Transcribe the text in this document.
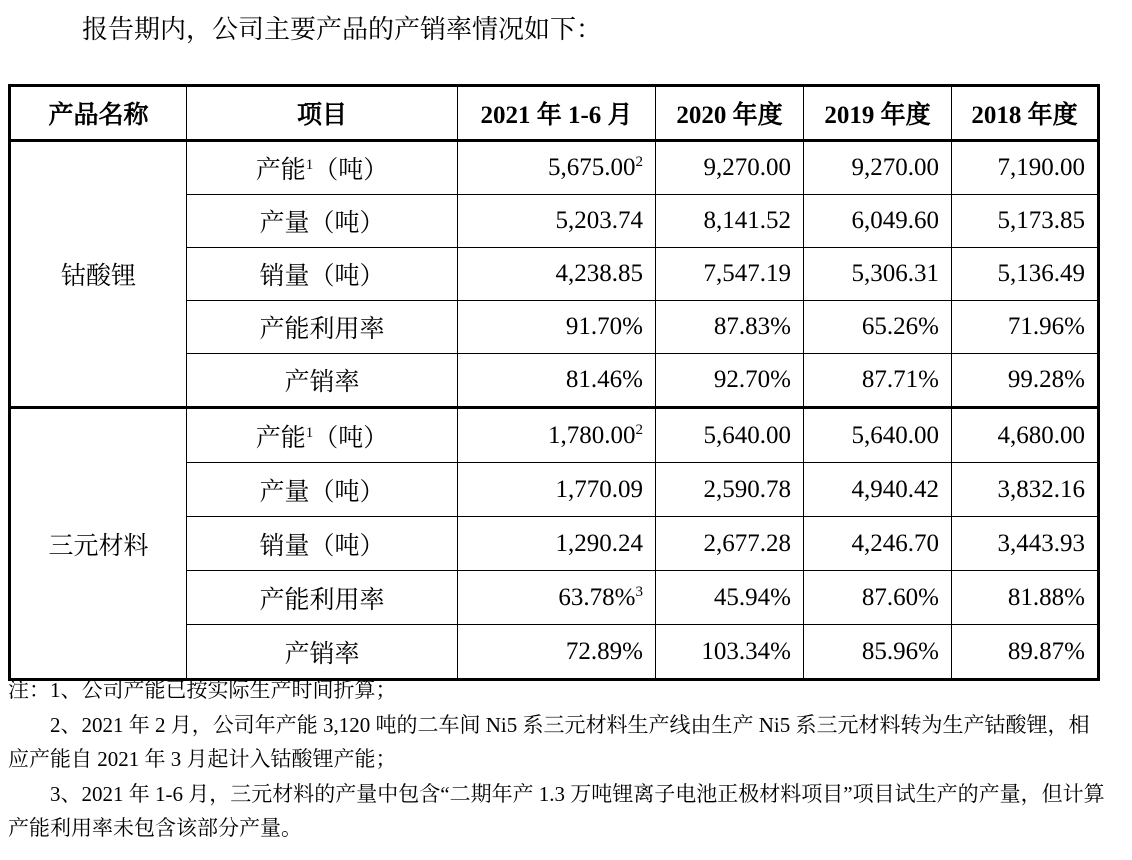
报告期内，公司主要产品的产销率情况如下：
产品名称	项目	2021 年 1-6 月	2020 年度	2019 年度	2018 年度
钴酸锂	产能$^1$（吨）	5,675.00$^2$	9,270.00	9,270.00	7,190.00
	产量（吨）	5,203.74	8,141.52	6,049.60	5,173.85
	销量（吨）	4,238.85	7,547.19	5,306.31	5,136.49
	产能利用率	91.70%	87.83%	65.26%	71.96%
	产销率	81.46%	92.70%	87.71%	99.28%
三元材料	产能$^1$（吨）	1,780.00$^2$	5,640.00	5,640.00	4,680.00
	产量（吨）	1,770.09	2,590.78	4,940.42	3,832.16
	销量（吨）	1,290.24	2,677.28	4,246.70	3,443.93
	产能利用率	63.78%$^3$	45.94%	87.60%	81.88%
	产销率	72.89%	103.34%	85.96%	89.87%

注：1、公司产能已按实际生产时间折算；

2、2021 年 2 月，公司年产能 3,120 吨的二车间 Ni5 系三元材料生产线由生产 Ni5 系三元材料转为生产钴酸锂，相应产能自 2021 年 3 月起计入钴酸锂产能；

3、2021 年 1-6 月，三元材料的产量中包含“二期年产 1.3 万吨锂离子电池正极材料项目”项目试生产的产量，但计算产能利用率未包含该部分产量。
